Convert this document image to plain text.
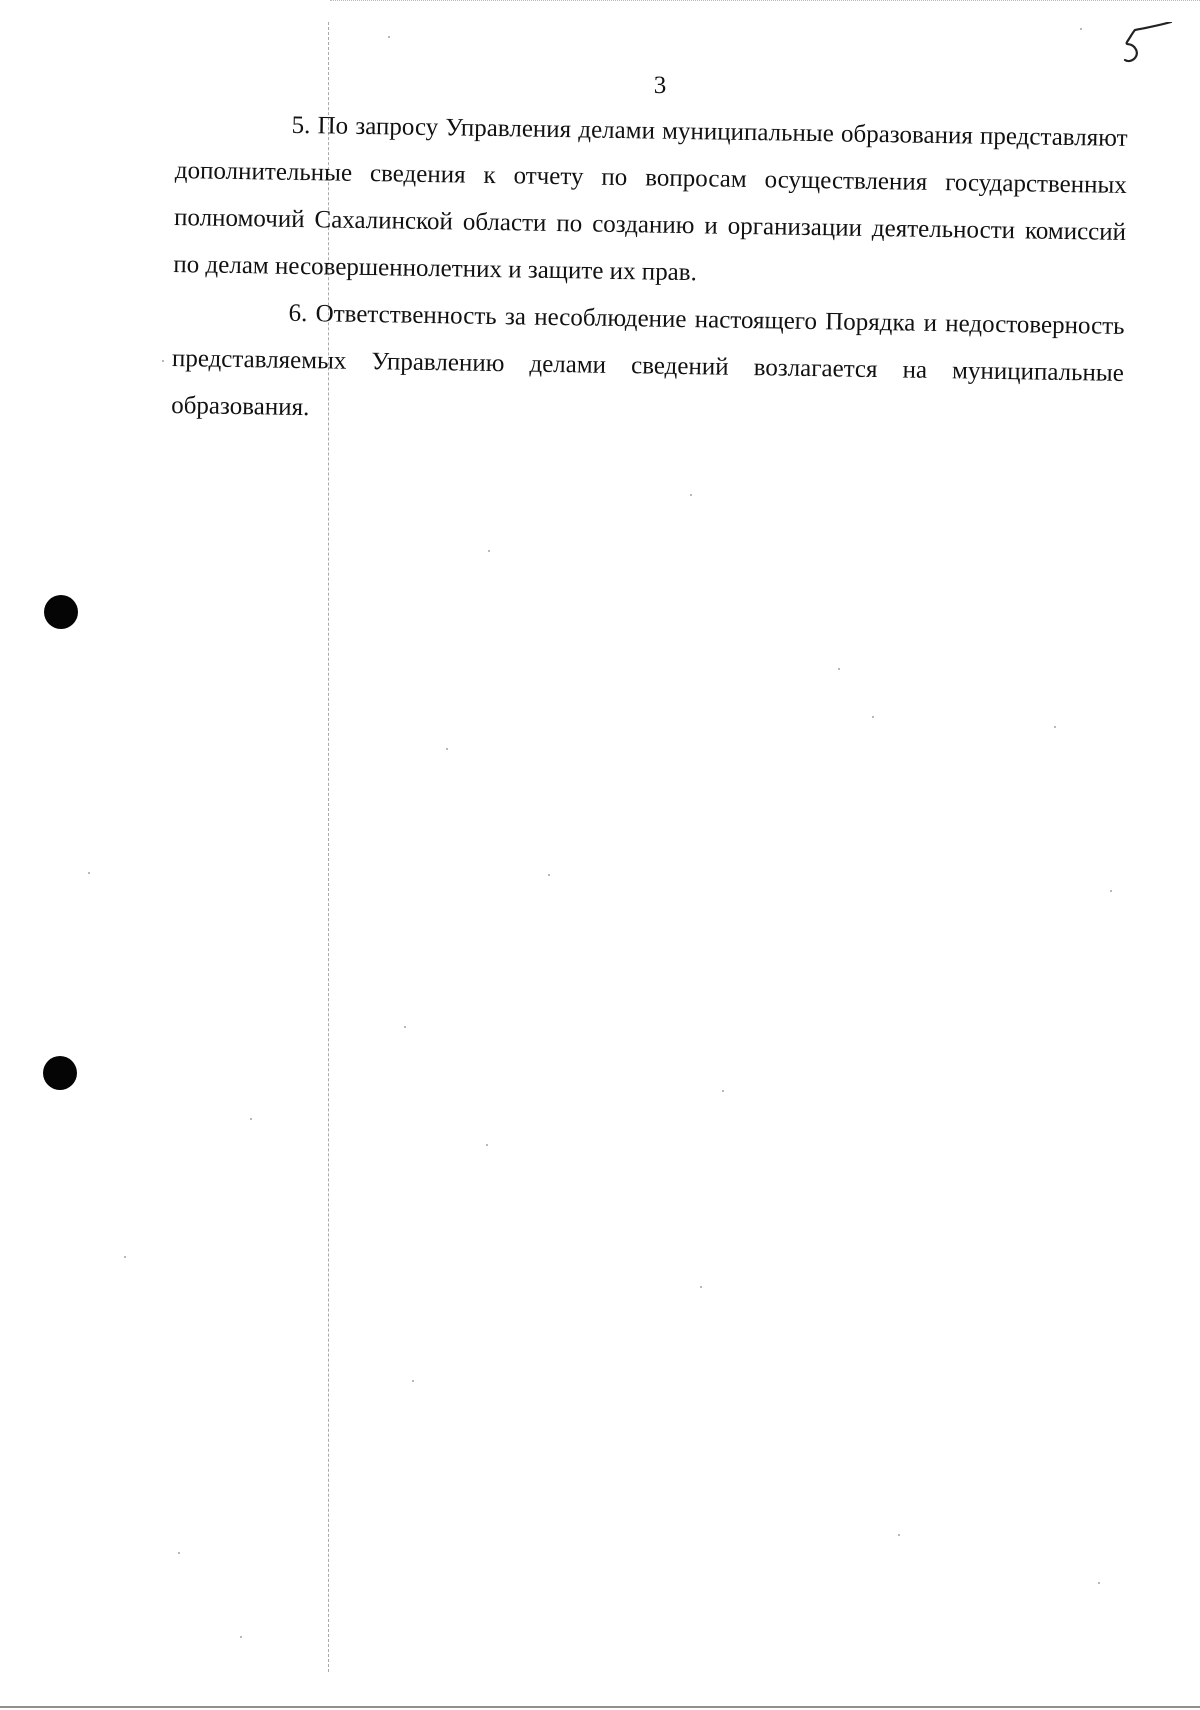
3

5. По запросу Управления делами муниципальные образования представляют дополнительные сведения к отчету по вопросам осуществления государственных полномочий Сахалинской области по созданию и организации деятельности комиссий по делам несовершеннолетних и защите их прав.

6. Ответственность за несоблюдение настоящего Порядка и недостоверность представляемых Управлению делами сведений возлагается на муниципальные образования.
